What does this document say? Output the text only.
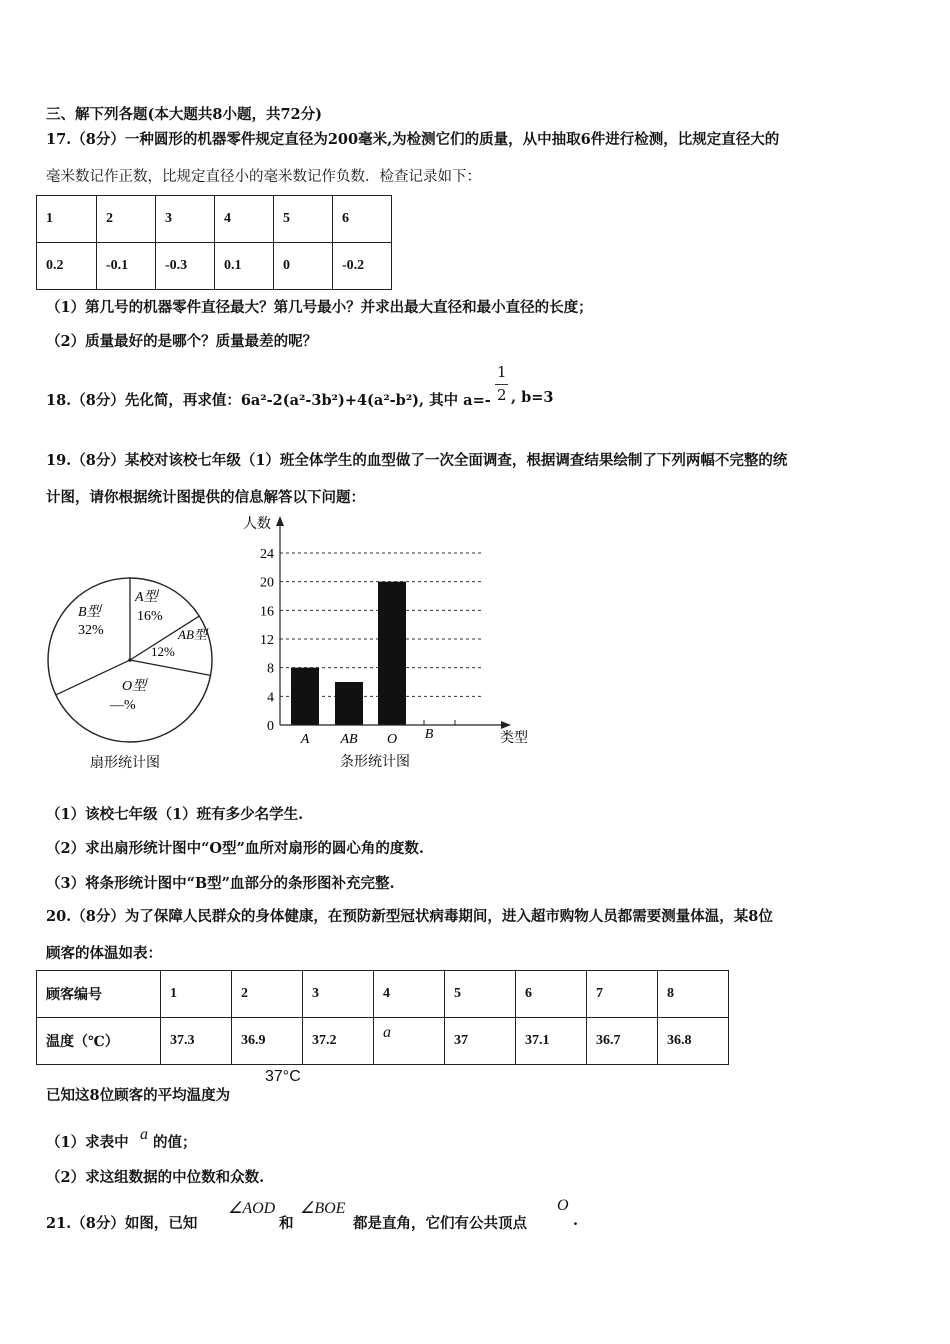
三、解下列各题(本大题共8小题，共72分)
17.（8分）一种圆形的机器零件规定直径为200毫米,为检测它们的质量，从中抽取6件进行检测，比规定直径大的
毫米数记作正数，比规定直径小的毫米数记作负数．检查记录如下：
1	2	3	4	5	6
0.2	-0.1	-0.3	0.1	0	-0.2
（1）第几号的机器零件直径最大？第几号最小？并求出最大直径和最小直径的长度；
（2）质量最好的是哪个？质量最差的呢？
18.（8分）先化简，再求值：6a²-2(a²-3b²)+4(a²-b²), 其中 a=-
1
2 , b=3
19.（8分）某校对该校七年级（1）班全体学生的血型做了一次全面调查，根据调查结果绘制了下列两幅不完整的统
计图，请你根据统计图提供的信息解答以下问题：
B型
32%
A型
16%
AB型
12%
O型
—%
扇形统计图
0
4
8
12
16
20
24
A AB O B
人数
类型
条形统计图
（1）该校七年级（1）班有多少名学生.
（2）求出扇形统计图中“O型”血所对扇形的圆心角的度数.
（3）将条形统计图中“B型”血部分的条形图补充完整.
20.（8分）为了保障人民群众的身体健康，在预防新型冠状病毒期间，进入超市购物人员都需要测量体温，某8位
顾客的体温如表：
顾客编号	1	2	3	4	5	6	7	8
温度（℃）	37.3	36.9	37.2	a	37	37.1	36.7	36.8
已知这8位顾客的平均温度为
37°C
（1）求表中 a 的值；
（2）求这组数据的中位数和众数.
21.（8分）如图，已知
∠AOD
和
∠BOE
都是直角，它们有公共顶点
O
.
